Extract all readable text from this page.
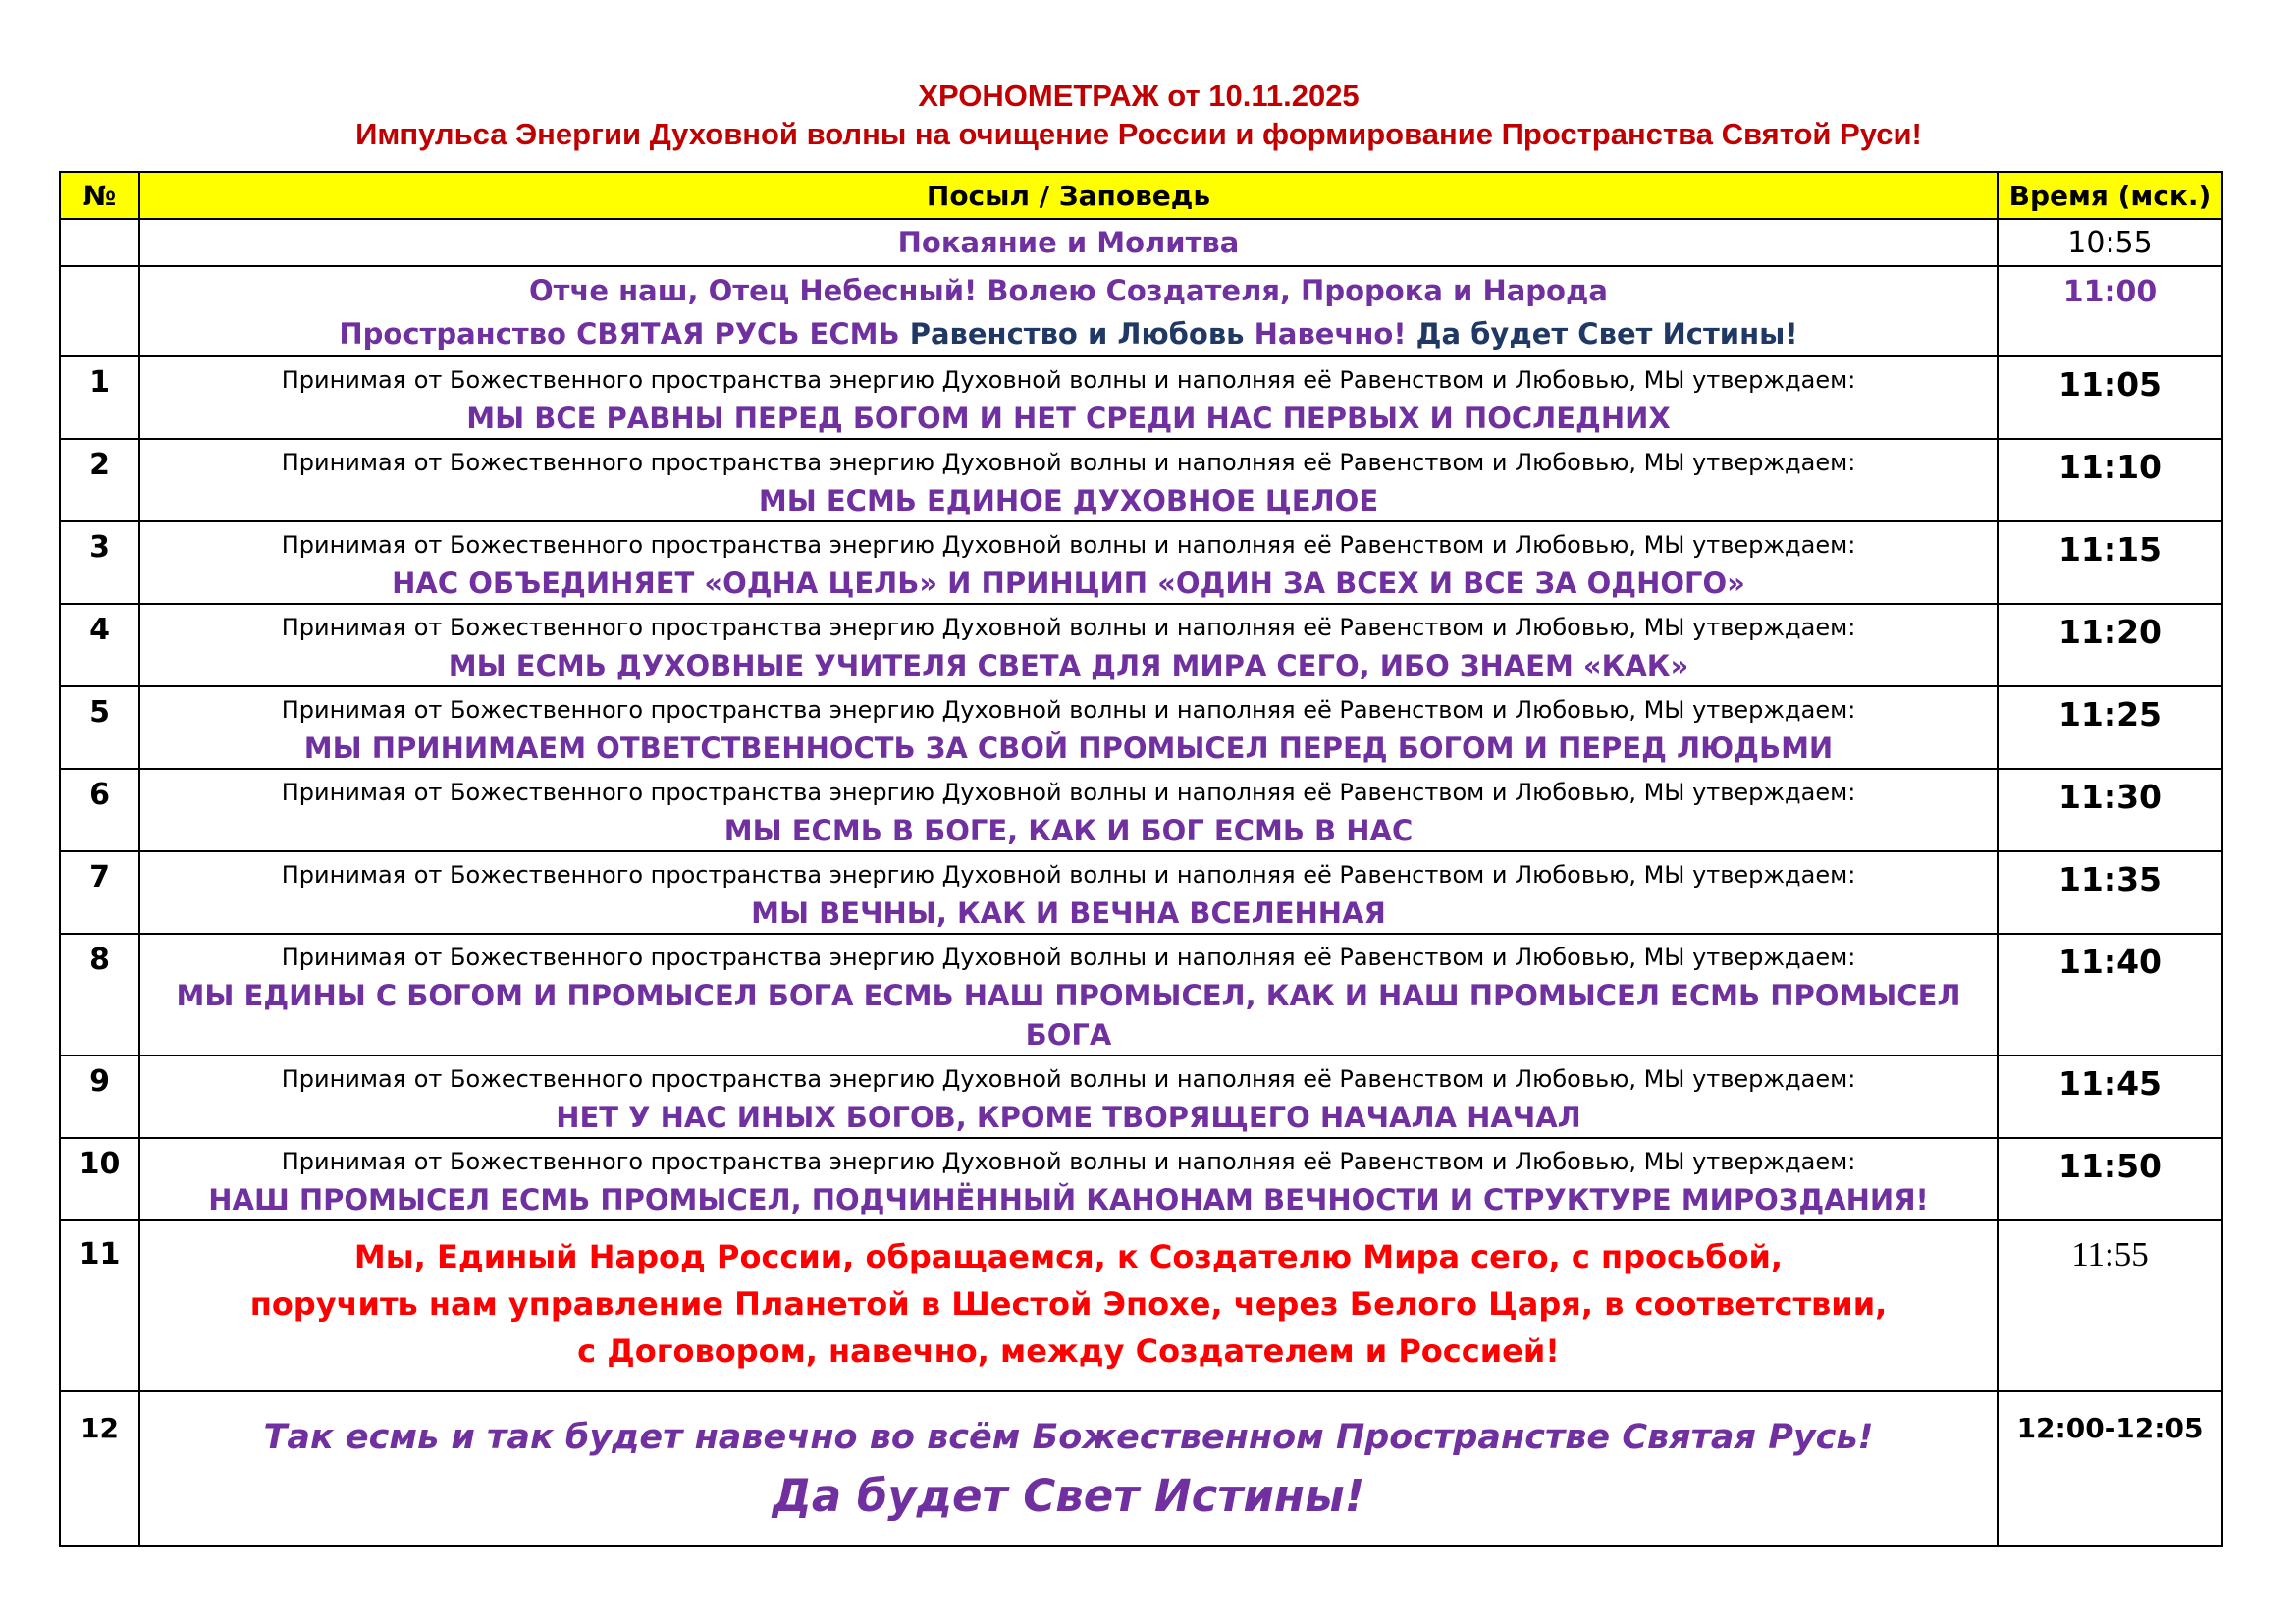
ХРОНОМЕТРАЖ от 10.11.2025
Импульса Энергии Духовной волны на очищение России и формирование Пространства Святой Руси!
№	Посыл / Заповедь	Время (мск.)
	Покаяние и Молитва	10:55

	Отче наш, Отец Небесный! Волею Создателя, Пророка и Народа
Пространство СВЯТАЯ РУСЬ ЕСМЬ Равенство и Любовь Навечно! Да будет Свет Истины!	11:00
1	Принимая от Божественного пространства энергию Духовной волны и наполняя её Равенством и Любовью, МЫ утверждаем:
МЫ ВСЕ РАВНЫ ПЕРЕД БОГОМ И НЕТ СРЕДИ НАС ПЕРВЫХ И ПОСЛЕДНИХ	11:05
2	Принимая от Божественного пространства энергию Духовной волны и наполняя её Равенством и Любовью, МЫ утверждаем:
МЫ ЕСМЬ ЕДИНОЕ ДУХОВНОЕ ЦЕЛОЕ	11:10
3	Принимая от Божественного пространства энергию Духовной волны и наполняя её Равенством и Любовью, МЫ утверждаем:
НАС ОБЪЕДИНЯЕТ «ОДНА ЦЕЛЬ» И ПРИНЦИП «ОДИН ЗА ВСЕХ И ВСЕ ЗА ОДНОГО»	11:15
4	Принимая от Божественного пространства энергию Духовной волны и наполняя её Равенством и Любовью, МЫ утверждаем:
МЫ ЕСМЬ ДУХОВНЫЕ УЧИТЕЛЯ СВЕТА ДЛЯ МИРА СЕГО, ИБО ЗНАЕМ «КАК»	11:20
5	Принимая от Божественного пространства энергию Духовной волны и наполняя её Равенством и Любовью, МЫ утверждаем:
МЫ ПРИНИМАЕМ ОТВЕТСТВЕННОСТЬ ЗА СВОЙ ПРОМЫСЕЛ ПЕРЕД БОГОМ И ПЕРЕД ЛЮДЬМИ	11:25
6	Принимая от Божественного пространства энергию Духовной волны и наполняя её Равенством и Любовью, МЫ утверждаем:
МЫ ЕСМЬ В БОГЕ, КАК И БОГ ЕСМЬ В НАС	11:30
7	Принимая от Божественного пространства энергию Духовной волны и наполняя её Равенством и Любовью, МЫ утверждаем:
МЫ ВЕЧНЫ, КАК И ВЕЧНА ВСЕЛЕННАЯ	11:35
8	Принимая от Божественного пространства энергию Духовной волны и наполняя её Равенством и Любовью, МЫ утверждаем:
МЫ ЕДИНЫ С БОГОМ И ПРОМЫСЕЛ БОГА ЕСМЬ НАШ ПРОМЫСЕЛ, КАК И НАШ ПРОМЫСЕЛ ЕСМЬ ПРОМЫСЕЛ БОГА	11:40
9	Принимая от Божественного пространства энергию Духовной волны и наполняя её Равенством и Любовью, МЫ утверждаем:
НЕТ У НАС ИНЫХ БОГОВ, КРОМЕ ТВОРЯЩЕГО НАЧАЛА НАЧАЛ	11:45
10	Принимая от Божественного пространства энергию Духовной волны и наполняя её Равенством и Любовью, МЫ утверждаем:
НАШ ПРОМЫСЕЛ ЕСМЬ ПРОМЫСЕЛ, ПОДЧИНЁННЫЙ КАНОНАМ ВЕЧНОСТИ И СТРУКТУРЕ МИРОЗДАНИЯ!	11:50
11	Мы, Единый Народ России, обращаемся, к Создателю Мира сего, с просьбой,
поручить нам управление Планетой в Шестой Эпохе, через Белого Царя, в соответствии,
с Договором, навечно, между Создателем и Россией!	11:55
12	Так есмь и так будет навечно во всём Божественном Пространстве Святая Русь!
Да будет Свет Истины!	12:00-12:05
